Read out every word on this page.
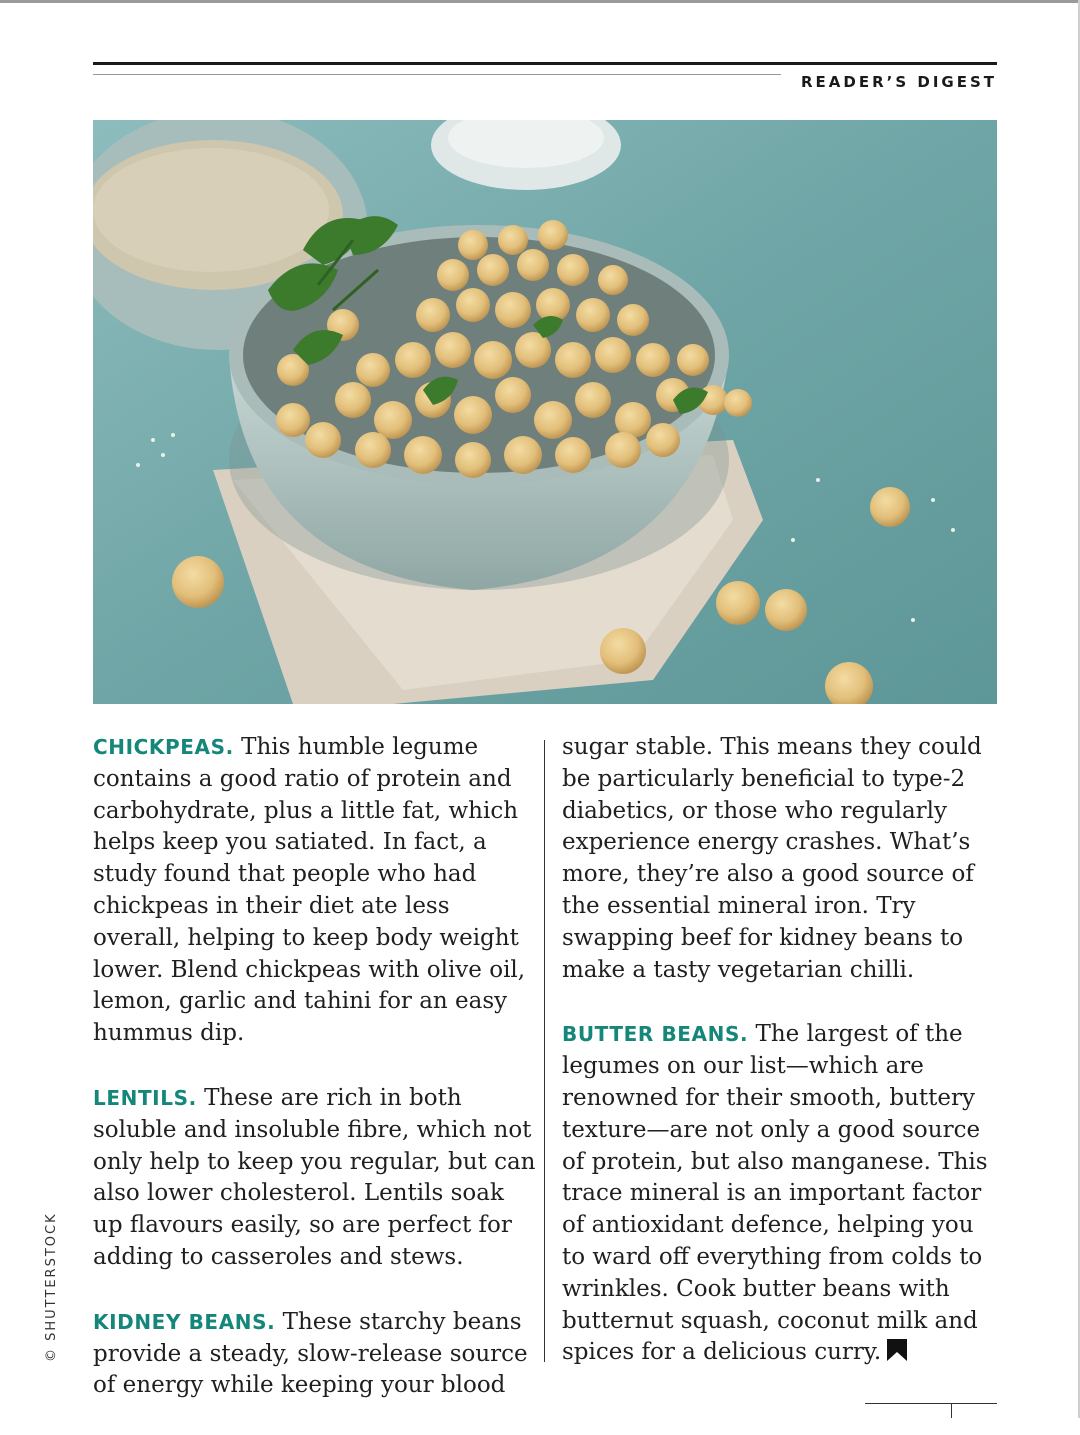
READER’S DIGEST

CHICKPEAS. This humble legume contains a good ratio of protein and carbohydrate, plus a little fat, which helps keep you satiated. In fact, a study found that people who had chickpeas in their diet ate less overall, helping to keep body weight lower. Blend chickpeas with olive oil, lemon, garlic and tahini for an easy hummus dip.

LENTILS. These are rich in both soluble and insoluble fibre, which not only help to keep you regular, but can also lower cholesterol. Lentils soak up flavours easily, so are perfect for adding to casseroles and stews.

KIDNEY BEANS. These starchy beans provide a steady, slow-release source of energy while keeping your blood

sugar stable. This means they could be particularly beneficial to type-2 diabetics, or those who regularly experience energy crashes. What’s more, they’re also a good source of the essential mineral iron. Try swapping beef for kidney beans to make a tasty vegetarian chilli.

BUTTER BEANS. The largest of the legumes on our list—which are renowned for their smooth, buttery texture—are not only a good source of protein, but also manganese. This trace mineral is an important factor of antioxidant defence, helping you to ward off everything from colds to wrinkles. Cook butter beans with butternut squash, coconut milk and spices for a delicious curry.

© SHUTTERSTOCK
